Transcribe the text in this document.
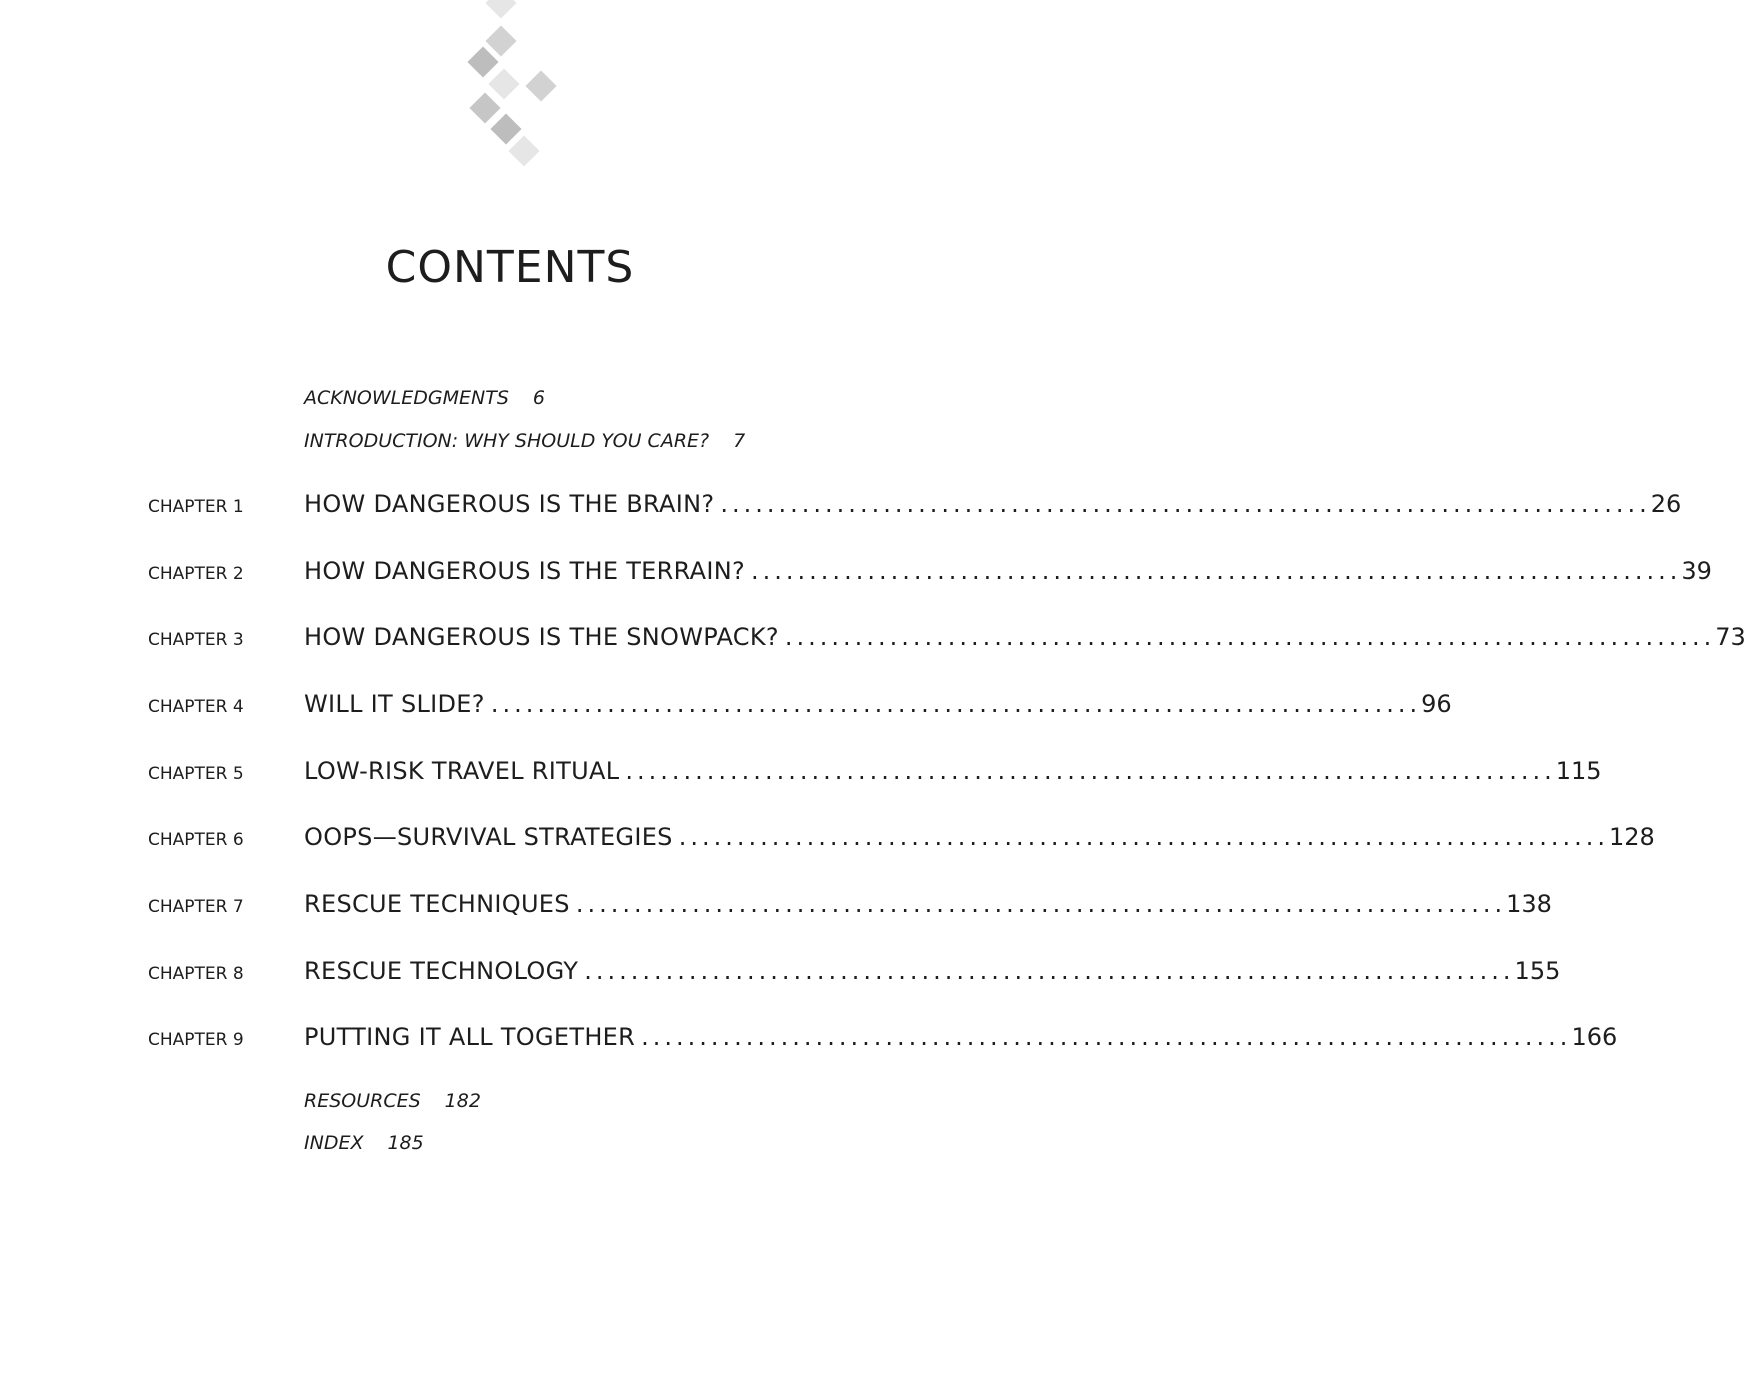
CONTENTS
ACKNOWLEDGMENTS 6
INTRODUCTION: WHY SHOULD YOU CARE? 7
CHAPTER 1	HOW DANGEROUS IS THE BRAIN? ................................................................................ 26
CHAPTER 2	HOW DANGEROUS IS THE TERRAIN? ................................................................................ 39
CHAPTER 3	HOW DANGEROUS IS THE SNOWPACK? ................................................................................ 73
CHAPTER 4	WILL IT SLIDE? ................................................................................ 96
CHAPTER 5	LOW-RISK TRAVEL RITUAL ................................................................................ 115
CHAPTER 6	OOPS—SURVIVAL STRATEGIES ................................................................................ 128
CHAPTER 7	RESCUE TECHNIQUES ................................................................................ 138
CHAPTER 8	RESCUE TECHNOLOGY ................................................................................ 155
CHAPTER 9	PUTTING IT ALL TOGETHER ................................................................................ 166
RESOURCES 182
INDEX 185
